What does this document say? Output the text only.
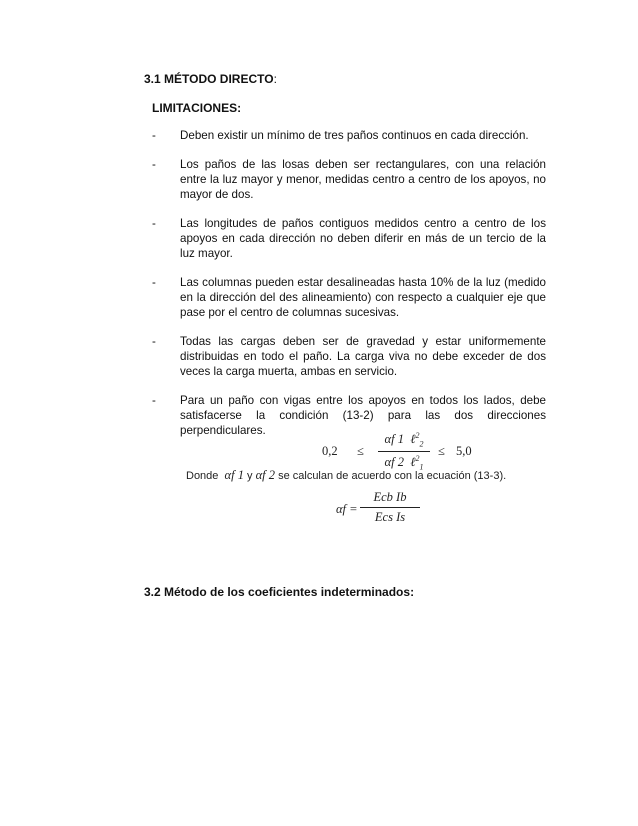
3.1 MÉTODO DIRECTO:
LIMITACIONES:
- Deben existir un mínimo de tres paños continuos en cada dirección.
- Los paños de las losas deben ser rectangulares, con una relación entre la luz mayor y menor, medidas centro a centro de los apoyos, no mayor de dos.
- Las longitudes de paños contiguos medidos centro a centro de los apoyos en cada dirección no deben diferir en más de un tercio de la luz mayor.
- Las columnas pueden estar desalineadas hasta 10% de la luz (medido en la dirección del des alineamiento) con respecto a cualquier eje que pase por el centro de columnas sucesivas.
- Todas las cargas deben ser de gravedad y estar uniformemente distribuidas en todo el paño. La carga viva no debe exceder de dos veces la carga muerta, ambas en servicio.
- Para un paño con vigas entre los apoyos en todos los lados, debe satisfacerse la condición (13-2) para las dos direcciones perpendiculares.
0,2 ≤
αf 1 ℓ$^2_2$
αf 2 ℓ$^2_1$
≤ 5,0
Donde αf 1 y αf 2 se calculan de acuerdo con la ecuación (13-3).
αf =
Ecb Ib
Ecs Is
3.2 Método de los coeficientes indeterminados:
